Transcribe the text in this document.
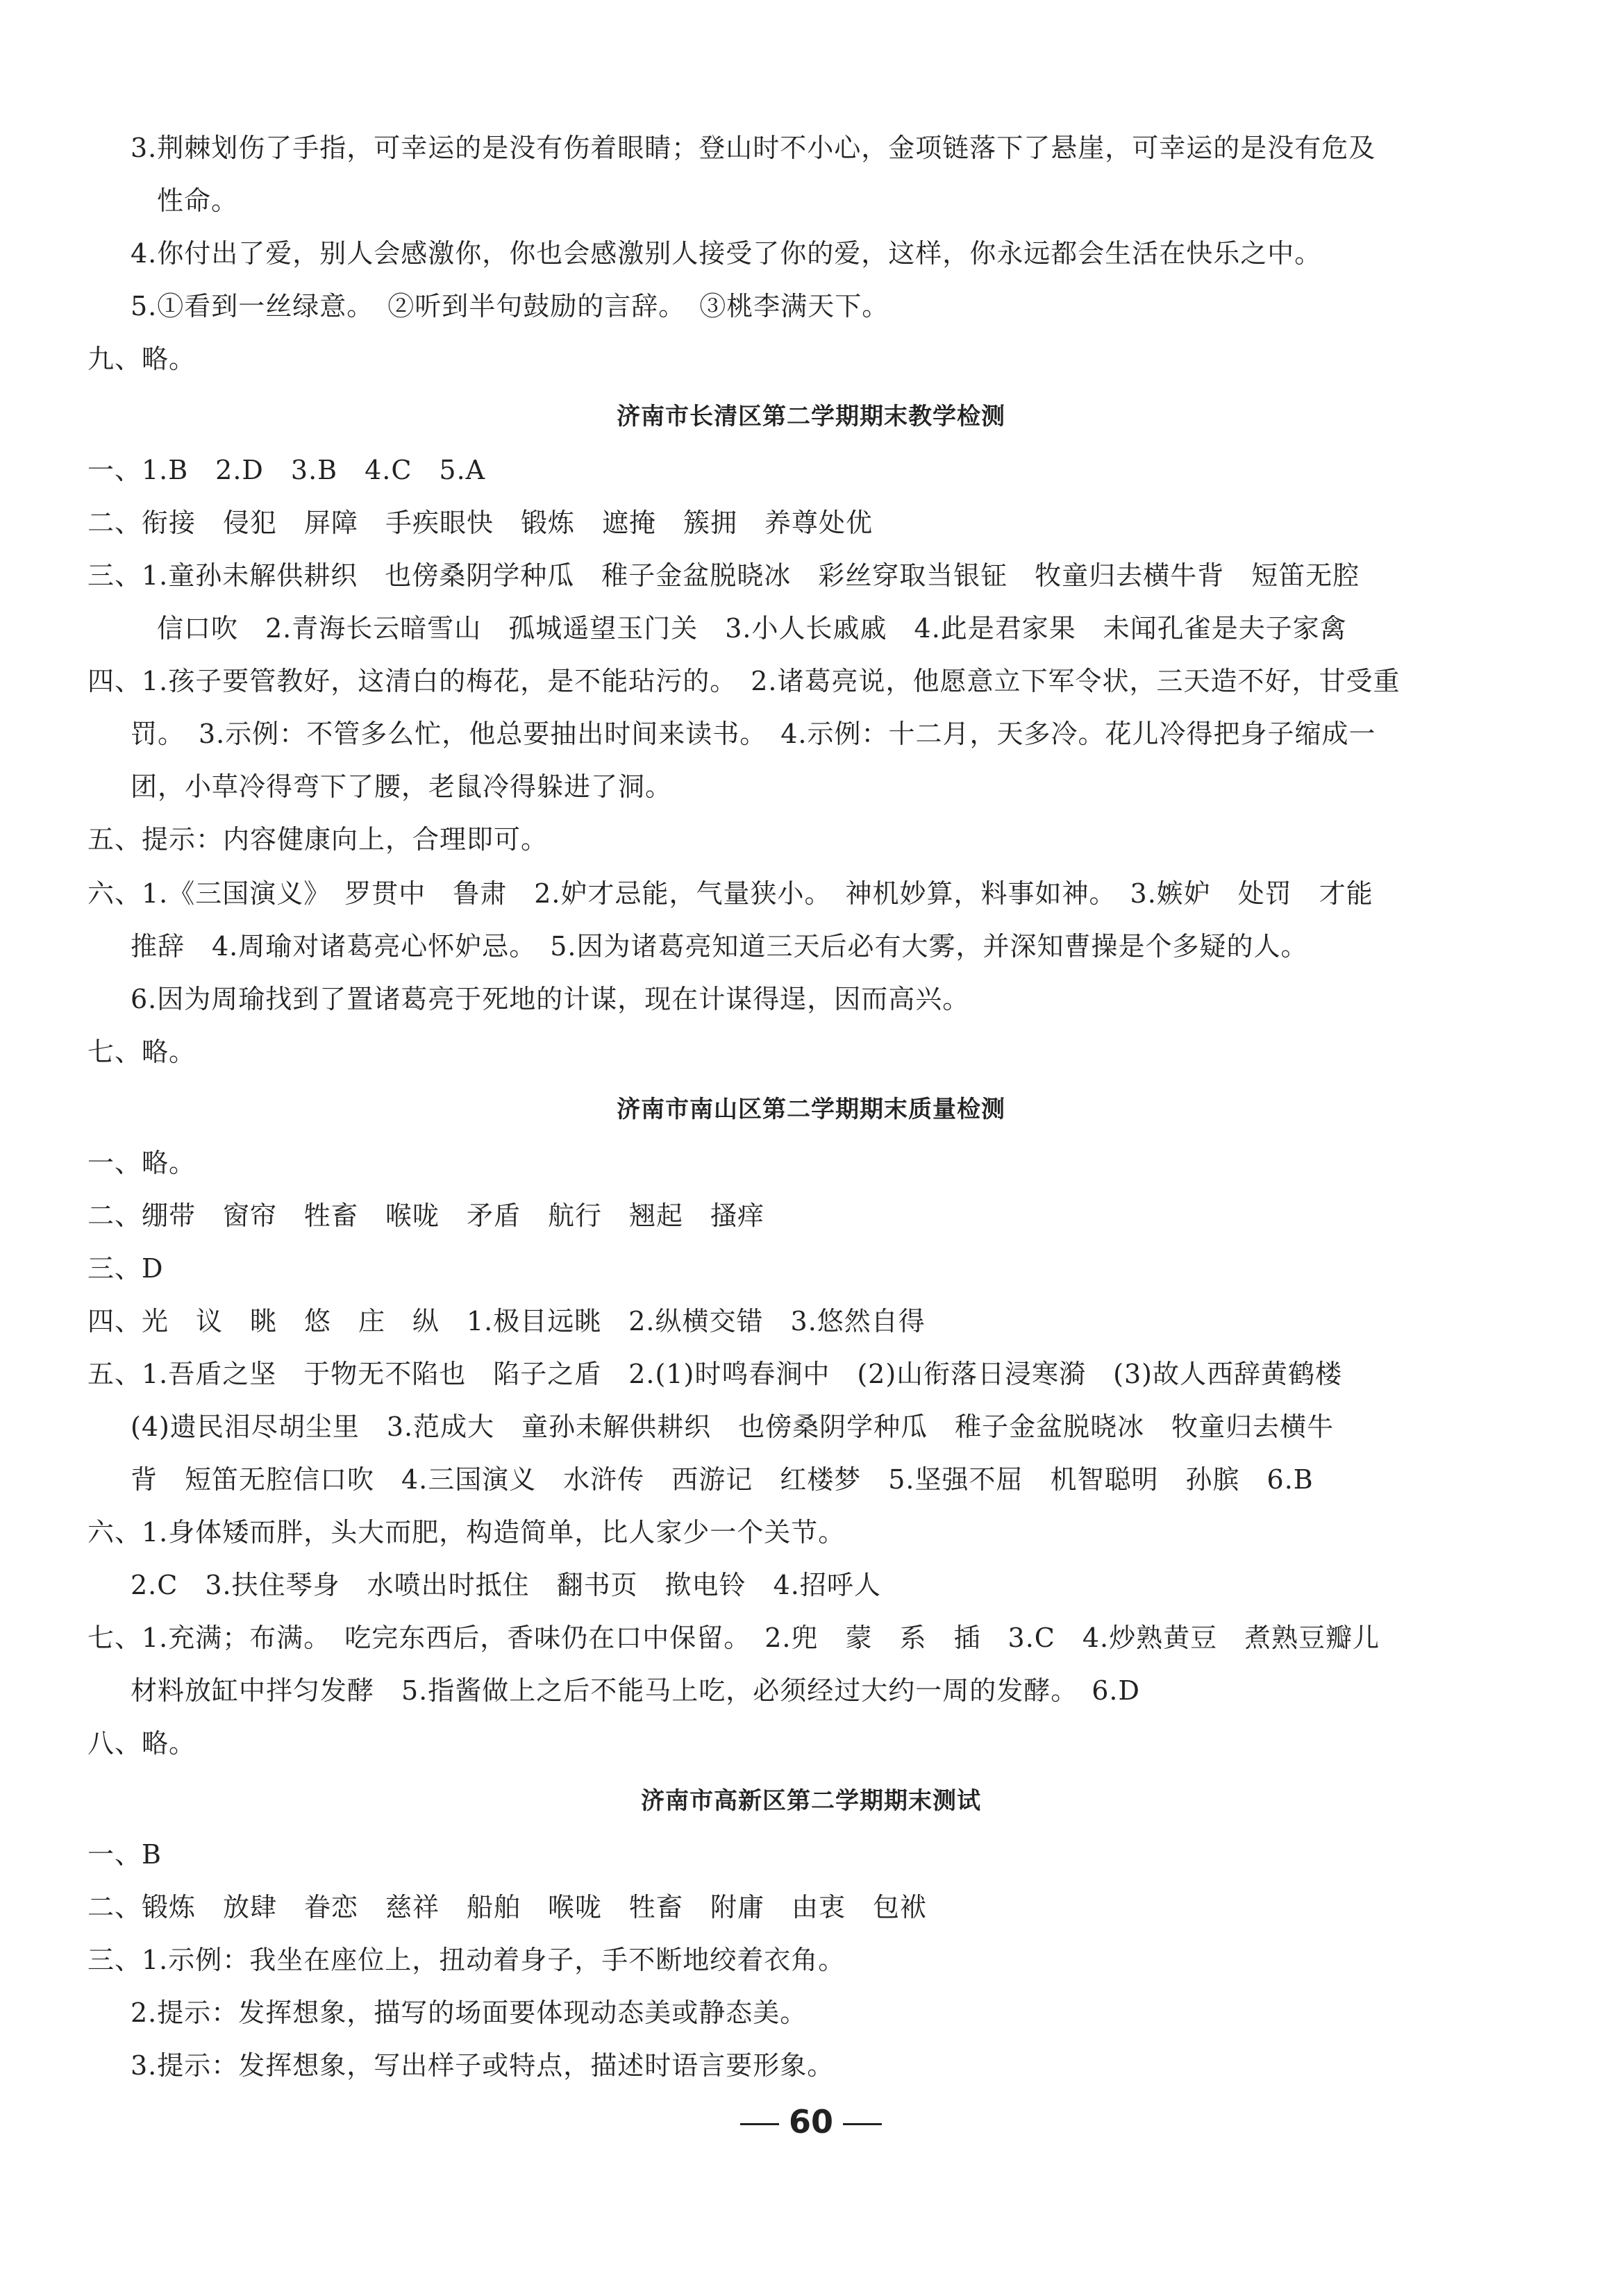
3.荆棘划伤了手指，可幸运的是没有伤着眼睛；登山时不小心，金项链落下了悬崖，可幸运的是没有危及
性命。
4.你付出了爱，别人会感激你，你也会感激别人接受了你的爱，这样，你永远都会生活在快乐之中。
5.①看到一丝绿意。　②听到半句鼓励的言辞。　③桃李满天下。
九、略。
济南市长清区第二学期期末教学检测
一、1.B　2.D　3.B　4.C　5.A
二、衔接　侵犯　屏障　手疾眼快　锻炼　遮掩　簇拥　养尊处优
三、1.童孙未解供耕织　也傍桑阴学种瓜　稚子金盆脱晓冰　彩丝穿取当银钲　牧童归去横牛背　短笛无腔
信口吹　2.青海长云暗雪山　孤城遥望玉门关　3.小人长戚戚　4.此是君家果　未闻孔雀是夫子家禽
四、1.孩子要管教好，这清白的梅花，是不能玷污的。　2.诸葛亮说，他愿意立下军令状，三天造不好，甘受重
罚。　3.示例：不管多么忙，他总要抽出时间来读书。　4.示例：十二月，天多冷。花儿冷得把身子缩成一
团，小草冷得弯下了腰，老鼠冷得躲进了洞。
五、提示：内容健康向上，合理即可。
六、1.《三国演义》　罗贯中　鲁肃　2.妒才忌能，气量狭小。　神机妙算，料事如神。　3.嫉妒　处罚　才能
推辞　4.周瑜对诸葛亮心怀妒忌。　5.因为诸葛亮知道三天后必有大雾，并深知曹操是个多疑的人。
6.因为周瑜找到了置诸葛亮于死地的计谋，现在计谋得逞，因而高兴。
七、略。
济南市南山区第二学期期末质量检测
一、略。
二、绷带　窗帘　牲畜　喉咙　矛盾　航行　翘起　搔痒
三、D
四、光　议　眺　悠　庄　纵　1.极目远眺　2.纵横交错　3.悠然自得
五、1.吾盾之坚　于物无不陷也　陷子之盾　2.(1)时鸣春涧中　(2)山衔落日浸寒漪　(3)故人西辞黄鹤楼
(4)遗民泪尽胡尘里　3.范成大　童孙未解供耕织　也傍桑阴学种瓜　稚子金盆脱晓冰　牧童归去横牛
背　短笛无腔信口吹　4.三国演义　水浒传　西游记　红楼梦　5.坚强不屈　机智聪明　孙膑　6.B
六、1.身体矮而胖，头大而肥，构造简单，比人家少一个关节。
2.C　3.扶住琴身　水喷出时抵住　翻书页　揿电铃　4.招呼人
七、1.充满；布满。　吃完东西后，香味仍在口中保留。　2.兜　蒙　系　插　3.C　4.炒熟黄豆　煮熟豆瓣儿
材料放缸中拌匀发酵　5.指酱做上之后不能马上吃，必须经过大约一周的发酵。　6.D
八、略。
济南市高新区第二学期期末测试
一、B
二、锻炼　放肆　眷恋　慈祥　船舶　喉咙　牲畜　附庸　由衷　包袱
三、1.示例：我坐在座位上，扭动着身子，手不断地绞着衣角。
2.提示：发挥想象，描写的场面要体现动态美或静态美。
3.提示：发挥想象，写出样子或特点，描述时语言要形象。
60
